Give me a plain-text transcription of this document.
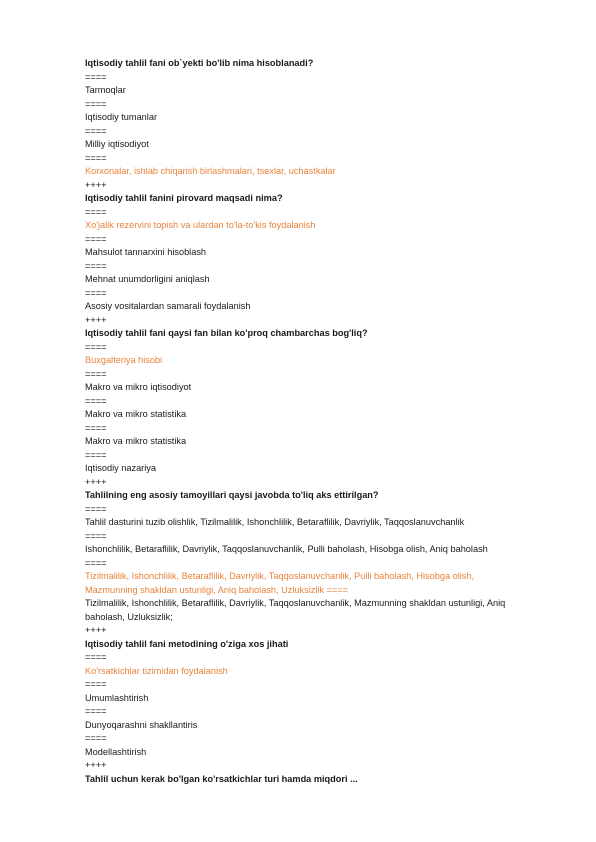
Iqtisodiy tahlil fani ob`yekti bo'lib nima hisoblanadi?
====
Tarmoqlar
====
Iqtisodiy tumanlar
====
Milliy iqtisodiyot
====
Korxonalar, ishlab chiqarish birlashmalari, tsexlar, uchastkalar
++++
Iqtisodiy tahlil fanini pirovard maqsadi nima?
====
Xo'jalik rezervini topish va ulardan to'la-to'kis foydalanish
====
Mahsulot tannarxini hisoblash
====
Mehnat unumdorligini aniqlash
====
Asosiy vositalardan samarali foydalanish
++++
Iqtisodiy tahlil fani qaysi fan bilan ko'proq chambarchas bog'liq?
====
Buxgalteriya hisobi
====
Makro va mikro iqtisodiyot
====
Makro va mikro statistika
====
Makro va mikro statistika
====
Iqtisodiy nazariya
++++
Tahlilning eng asosiy tamoyillari qaysi javobda to'liq aks ettirilgan?
====
Tahlil dasturini tuzib olishlik, Tizilmalilik, Ishonchlilik, Betaraflilik, Davriylik, Taqqoslanuvchanlik
====
Ishonchlilik, Betaraflilik, Davriylik, Taqqoslanuvchanlik, Pulli baholash, Hisobga olish, Aniq baholash
====
Tizilmalilik, Ishonchlilik, Betaraflilik, Davriylik, Taqqoslanuvchanlik, Pulli baholash, Hisobga olish, Mazmunning shakldan ustunligi, Aniq baholash, Uzluksizlik ====
Tizilmalilik, Ishonchlilik, Betaraflilik, Davriylik, Taqqoslanuvchanlik, Mazmunning shakldan ustunligi, Aniq baholash, Uzluksizlik;
++++
Iqtisodiy tahlil fani metodining o'ziga xos jihati
====
Ko'rsatkichlar tizimidan foydalanish
====
Umumlashtirish
====
Dunyoqarashni shakllantiris
====
Modellashtirish
++++
Tahlil uchun kerak bo'lgan ko'rsatkichlar turi hamda miqdori ...
